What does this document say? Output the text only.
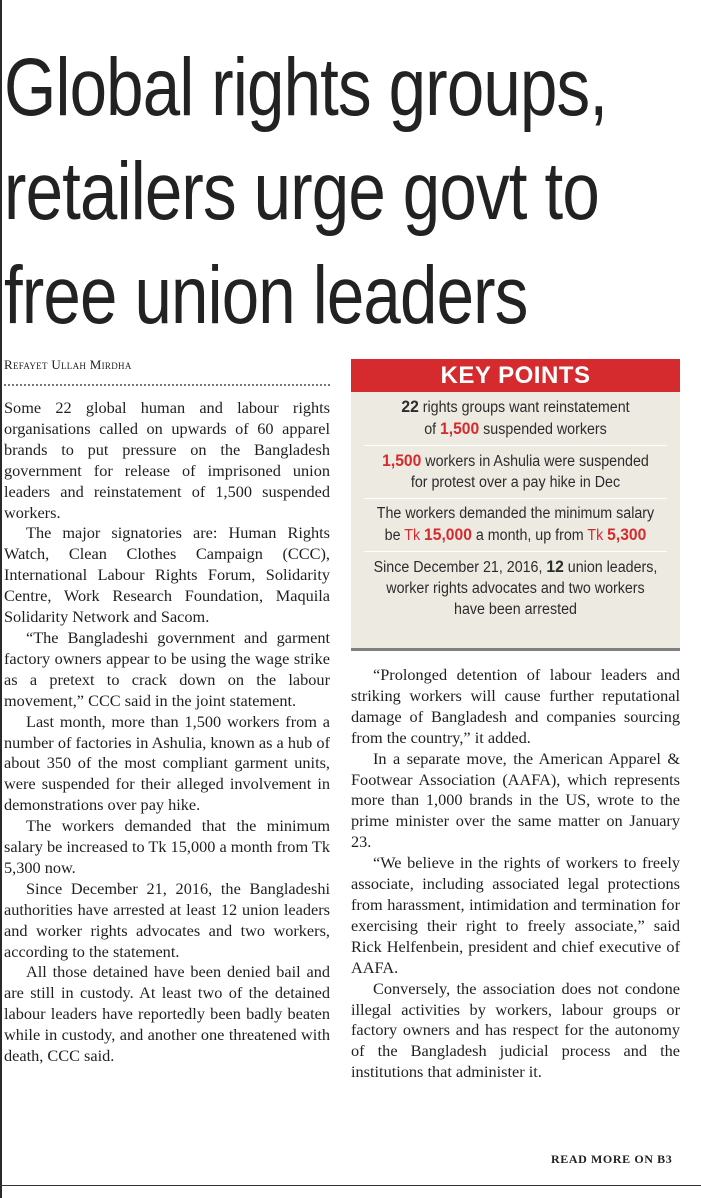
Global rights groups,
retailers urge govt to
free union leaders
Refayet Ullah Mirdha

Some 22 global human and labour rights organisations called on upwards of 60 apparel brands to put pressure on the Bangladesh government for release of imprisoned union leaders and reinstatement of 1,500 suspended workers.

The major signatories are: Human Rights Watch, Clean Clothes Campaign (CCC), International Labour Rights Forum, Solidarity Centre, Work Research Foundation, Maquila Solidarity Network and Sacom.

“The Bangladeshi government and garment factory owners appear to be using the wage strike as a pretext to crack down on the labour movement,” CCC said in the joint statement.

Last month, more than 1,500 workers from a number of factories in Ashulia, known as a hub of about 350 of the most compliant garment units, were suspended for their alleged involvement in demonstrations over pay hike.

The workers demanded that the minimum salary be increased to Tk 15,000 a month from Tk 5,300 now.

Since December 21, 2016, the Bangladeshi authorities have arrested at least 12 union leaders and worker rights advocates and two workers, according to the statement.

All those detained have been denied bail and are still in custody. At least two of the detained labour leaders have reportedly been badly beaten while in custody, and another one threatened with death, CCC said.

KEY POINTS
22 rights groups want reinstatement
of 1,500 suspended workers
1,500 workers in Ashulia were suspended
for protest over a pay hike in Dec
The workers demanded the minimum salary
be Tk 15,000 a month, up from Tk 5,300
Since December 21, 2016, 12 union leaders,
worker rights advocates and two workers
have been arrested

“Prolonged detention of labour leaders and striking workers will cause further reputational damage of Bangladesh and companies sourcing from the country,” it added.

In a separate move, the American Apparel & Footwear Association (AAFA), which represents more than 1,000 brands in the US, wrote to the prime minister over the same matter on January 23.

“We believe in the rights of workers to freely associate, including associated legal protections from harassment, intimidation and termination for exercising their right to freely associate,” said Rick Helfenbein, president and chief executive of AAFA.

Conversely, the association does not condone illegal activities by workers, labour groups or factory owners and has respect for the autonomy of the Bangladesh judicial process and the institutions that administer it.

READ MORE ON B3
